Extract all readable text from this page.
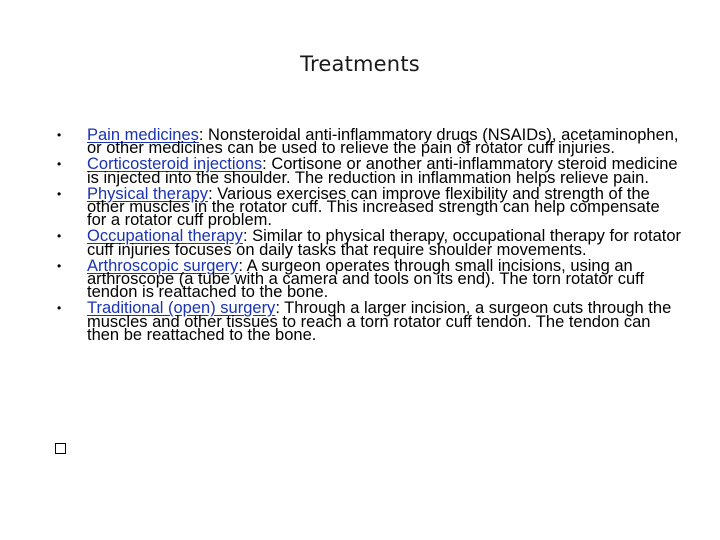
Treatments
• Pain medicines: Nonsteroidal anti-inflammatory drugs (NSAIDs), acetaminophen, or other medicines can be used to relieve the pain of rotator cuff injuries.
• Corticosteroid injections: Cortisone or another anti-inflammatory steroid medicine is injected into the shoulder. The reduction in inflammation helps relieve pain.
• Physical therapy: Various exercises can improve flexibility and strength of the other muscles in the rotator cuff. This increased strength can help compensate for a rotator cuff problem.
• Occupational therapy: Similar to physical therapy, occupational therapy for rotator cuff injuries focuses on daily tasks that require shoulder movements.
• Arthroscopic surgery: A surgeon operates through small incisions, using an arthroscope (a tube with a camera and tools on its end). The torn rotator cuff tendon is reattached to the bone.
• Traditional (open) surgery: Through a larger incision, a surgeon cuts through the muscles and other tissues to reach a torn rotator cuff tendon. The tendon can then be reattached to the bone.
